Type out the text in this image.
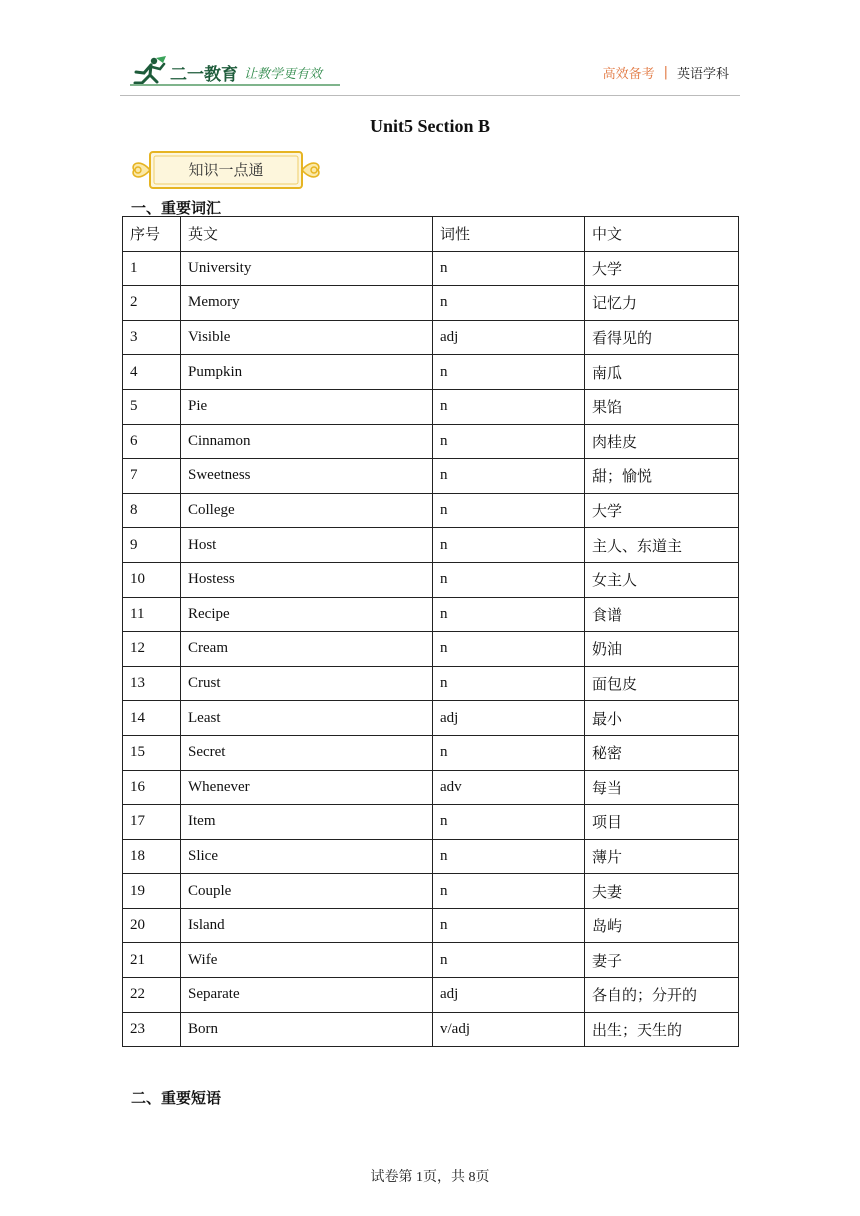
二一教育 让教学更有效	高效备考 | 英语学科
Unit5 Section B
知识一点通
一、重要词汇
序号	英文	词性	中文
1	University	n	大学
2	Memory	n	记忆力
3	Visible	adj	看得见的
4	Pumpkin	n	南瓜
5	Pie	n	果馅
6	Cinnamon	n	肉桂皮
7	Sweetness	n	甜；愉悦
8	College	n	大学
9	Host	n	主人、东道主
10	Hostess	n	女主人
11	Recipe	n	食谱
12	Cream	n	奶油
13	Crust	n	面包皮
14	Least	adj	最小
15	Secret	n	秘密
16	Whenever	adv	每当
17	Item	n	项目
18	Slice	n	薄片
19	Couple	n	夫妻
20	Island	n	岛屿
21	Wife	n	妻子
22	Separate	adj	各自的；分开的
23	Born	v/adj	出生；天生的
二、重要短语
试卷第 1页，共 8页
